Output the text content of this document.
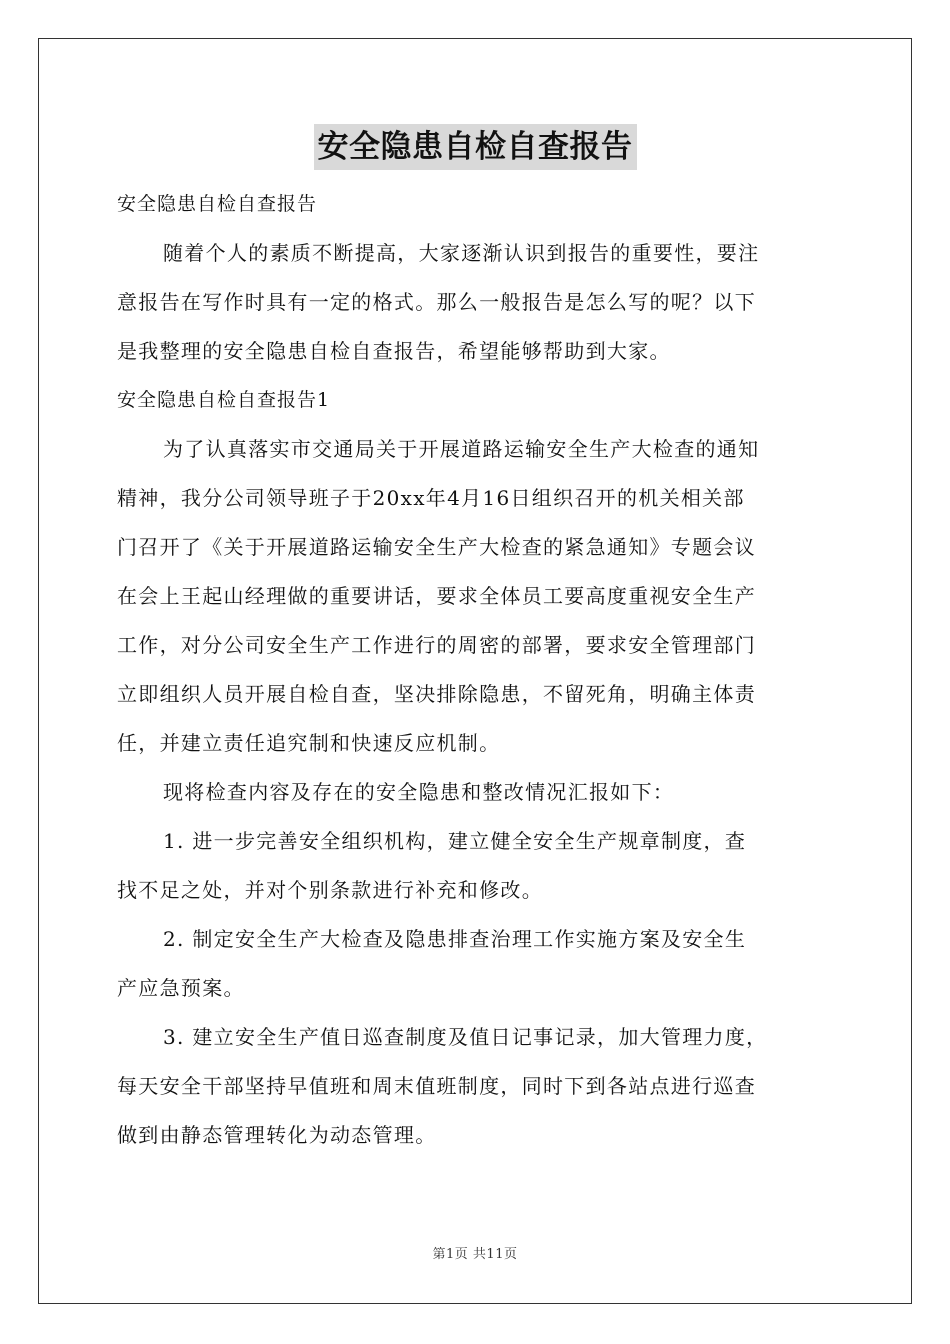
安全隐患自检自查报告
安全隐患自检自查报告
随着个人的素质不断提高，大家逐渐认识到报告的重要性，要注
意报告在写作时具有一定的格式。那么一般报告是怎么写的呢？以下
是我整理的安全隐患自检自查报告，希望能够帮助到大家。
安全隐患自检自查报告1
为了认真落实市交通局关于开展道路运输安全生产大检查的通知
精神，我分公司领导班子于20xx年4月16日组织召开的机关相关部
门召开了《关于开展道路运输安全生产大检查的紧急通知》专题会议
在会上王起山经理做的重要讲话，要求全体员工要高度重视安全生产
工作，对分公司安全生产工作进行的周密的部署，要求安全管理部门
立即组织人员开展自检自查，坚决排除隐患，不留死角，明确主体责
任，并建立责任追究制和快速反应机制。
现将检查内容及存在的安全隐患和整改情况汇报如下：
1. 进一步完善安全组织机构，建立健全安全生产规章制度，查
找不足之处，并对个别条款进行补充和修改。
2. 制定安全生产大检查及隐患排查治理工作实施方案及安全生
产应急预案。
3. 建立安全生产值日巡查制度及值日记事记录，加大管理力度，
每天安全干部坚持早值班和周末值班制度，同时下到各站点进行巡查
做到由静态管理转化为动态管理。
第1页 共11页
